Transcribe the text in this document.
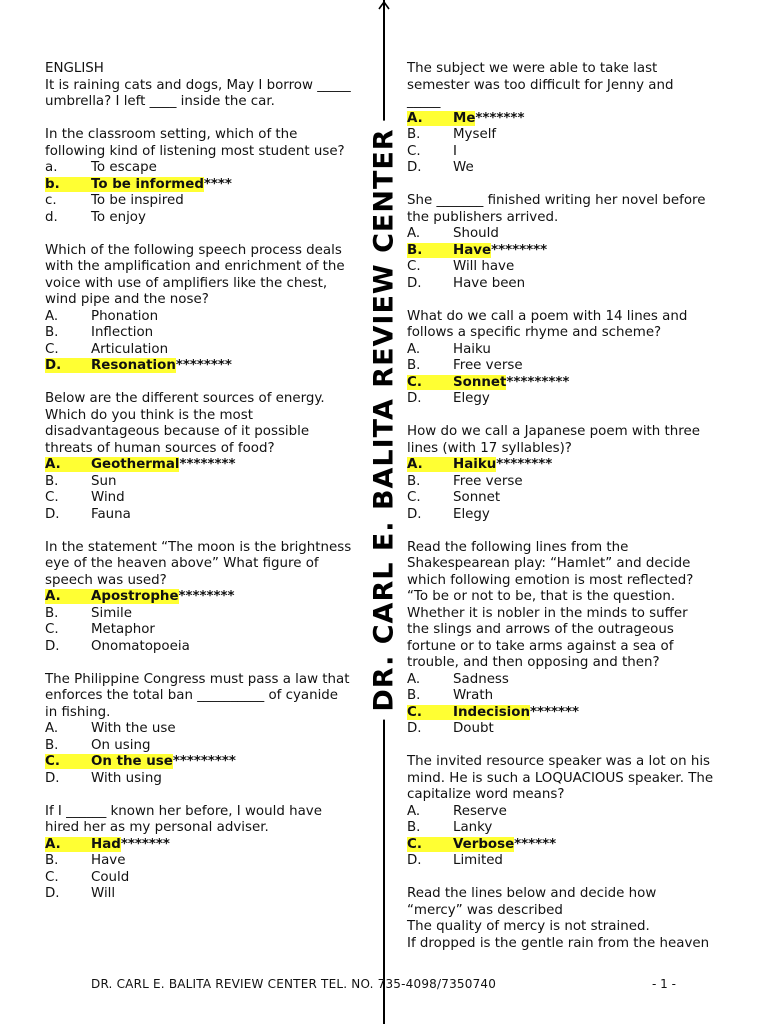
ENGLISH
It is raining cats and dogs, May I borrow _____
umbrella? I left ____ inside the car.
In the classroom setting, which of the
following kind of listening most student use?
a.	To escape
b. To be informed****
c.	To be inspired
d. To enjoy
Which of the following speech process deals
with the amplification and enrichment of the
voice with use of amplifiers like the chest,
wind pipe and the nose?
A. Phonation
B. Inflection
C. Articulation
D. Resonation********
Below are the different sources of energy.
Which do you think is the most
disadvantageous because of it possible
threats of human sources of food?
A. Geothermal********
B. Sun
C. Wind
D. Fauna
In the statement “The moon is the brightness
eye of the heaven above” What figure of
speech was used?
A. Apostrophe********
B. Simile
C. Metaphor
D. Onomatopoeia
The Philippine Congress must pass a law that
enforces the total ban __________ of cyanide
in fishing.
A. With the use
B. On using
C. On the use*********
D. With using
If I ______ known her before, I would have
hired her as my personal adviser.
A. Had*******
B. Have
C. Could
D. Will
The subject we were able to take last
semester was too difficult for Jenny and
_____
A. Me*******
B. Myself
C. I
D. We
She _______ finished writing her novel before
the publishers arrived.
A. Should
B. Have********
C. Will have
D. Have been
What do we call a poem with 14 lines and
follows a specific rhyme and scheme?
A. Haiku
B. Free verse
C. Sonnet*********
D. Elegy
How do we call a Japanese poem with three
lines (with 17 syllables)?
A. Haiku********
B. Free verse
C. Sonnet
D. Elegy
Read the following lines from the
Shakespearean play: “Hamlet” and decide
which following emotion is most reflected?
“To be or not to be, that is the question.
Whether it is nobler in the minds to suffer
the slings and arrows of the outrageous
fortune or to take arms against a sea of
trouble, and then opposing and then?
A. Sadness
B. Wrath
C. Indecision*******
D. Doubt
The invited resource speaker was a lot on his
mind. He is such a LOQUACIOUS speaker. The
capitalize word means?
A. Reserve
B. Lanky
C. Verbose******
D. Limited
Read the lines below and decide how
“mercy” was described
The quality of mercy is not strained.
If dropped is the gentle rain from the heaven
DR. CARL E. BALITA REVIEW CENTER
DR. CARL E. BALITA REVIEW CENTER TEL. NO. 735-4098/7350740	- 1 -
